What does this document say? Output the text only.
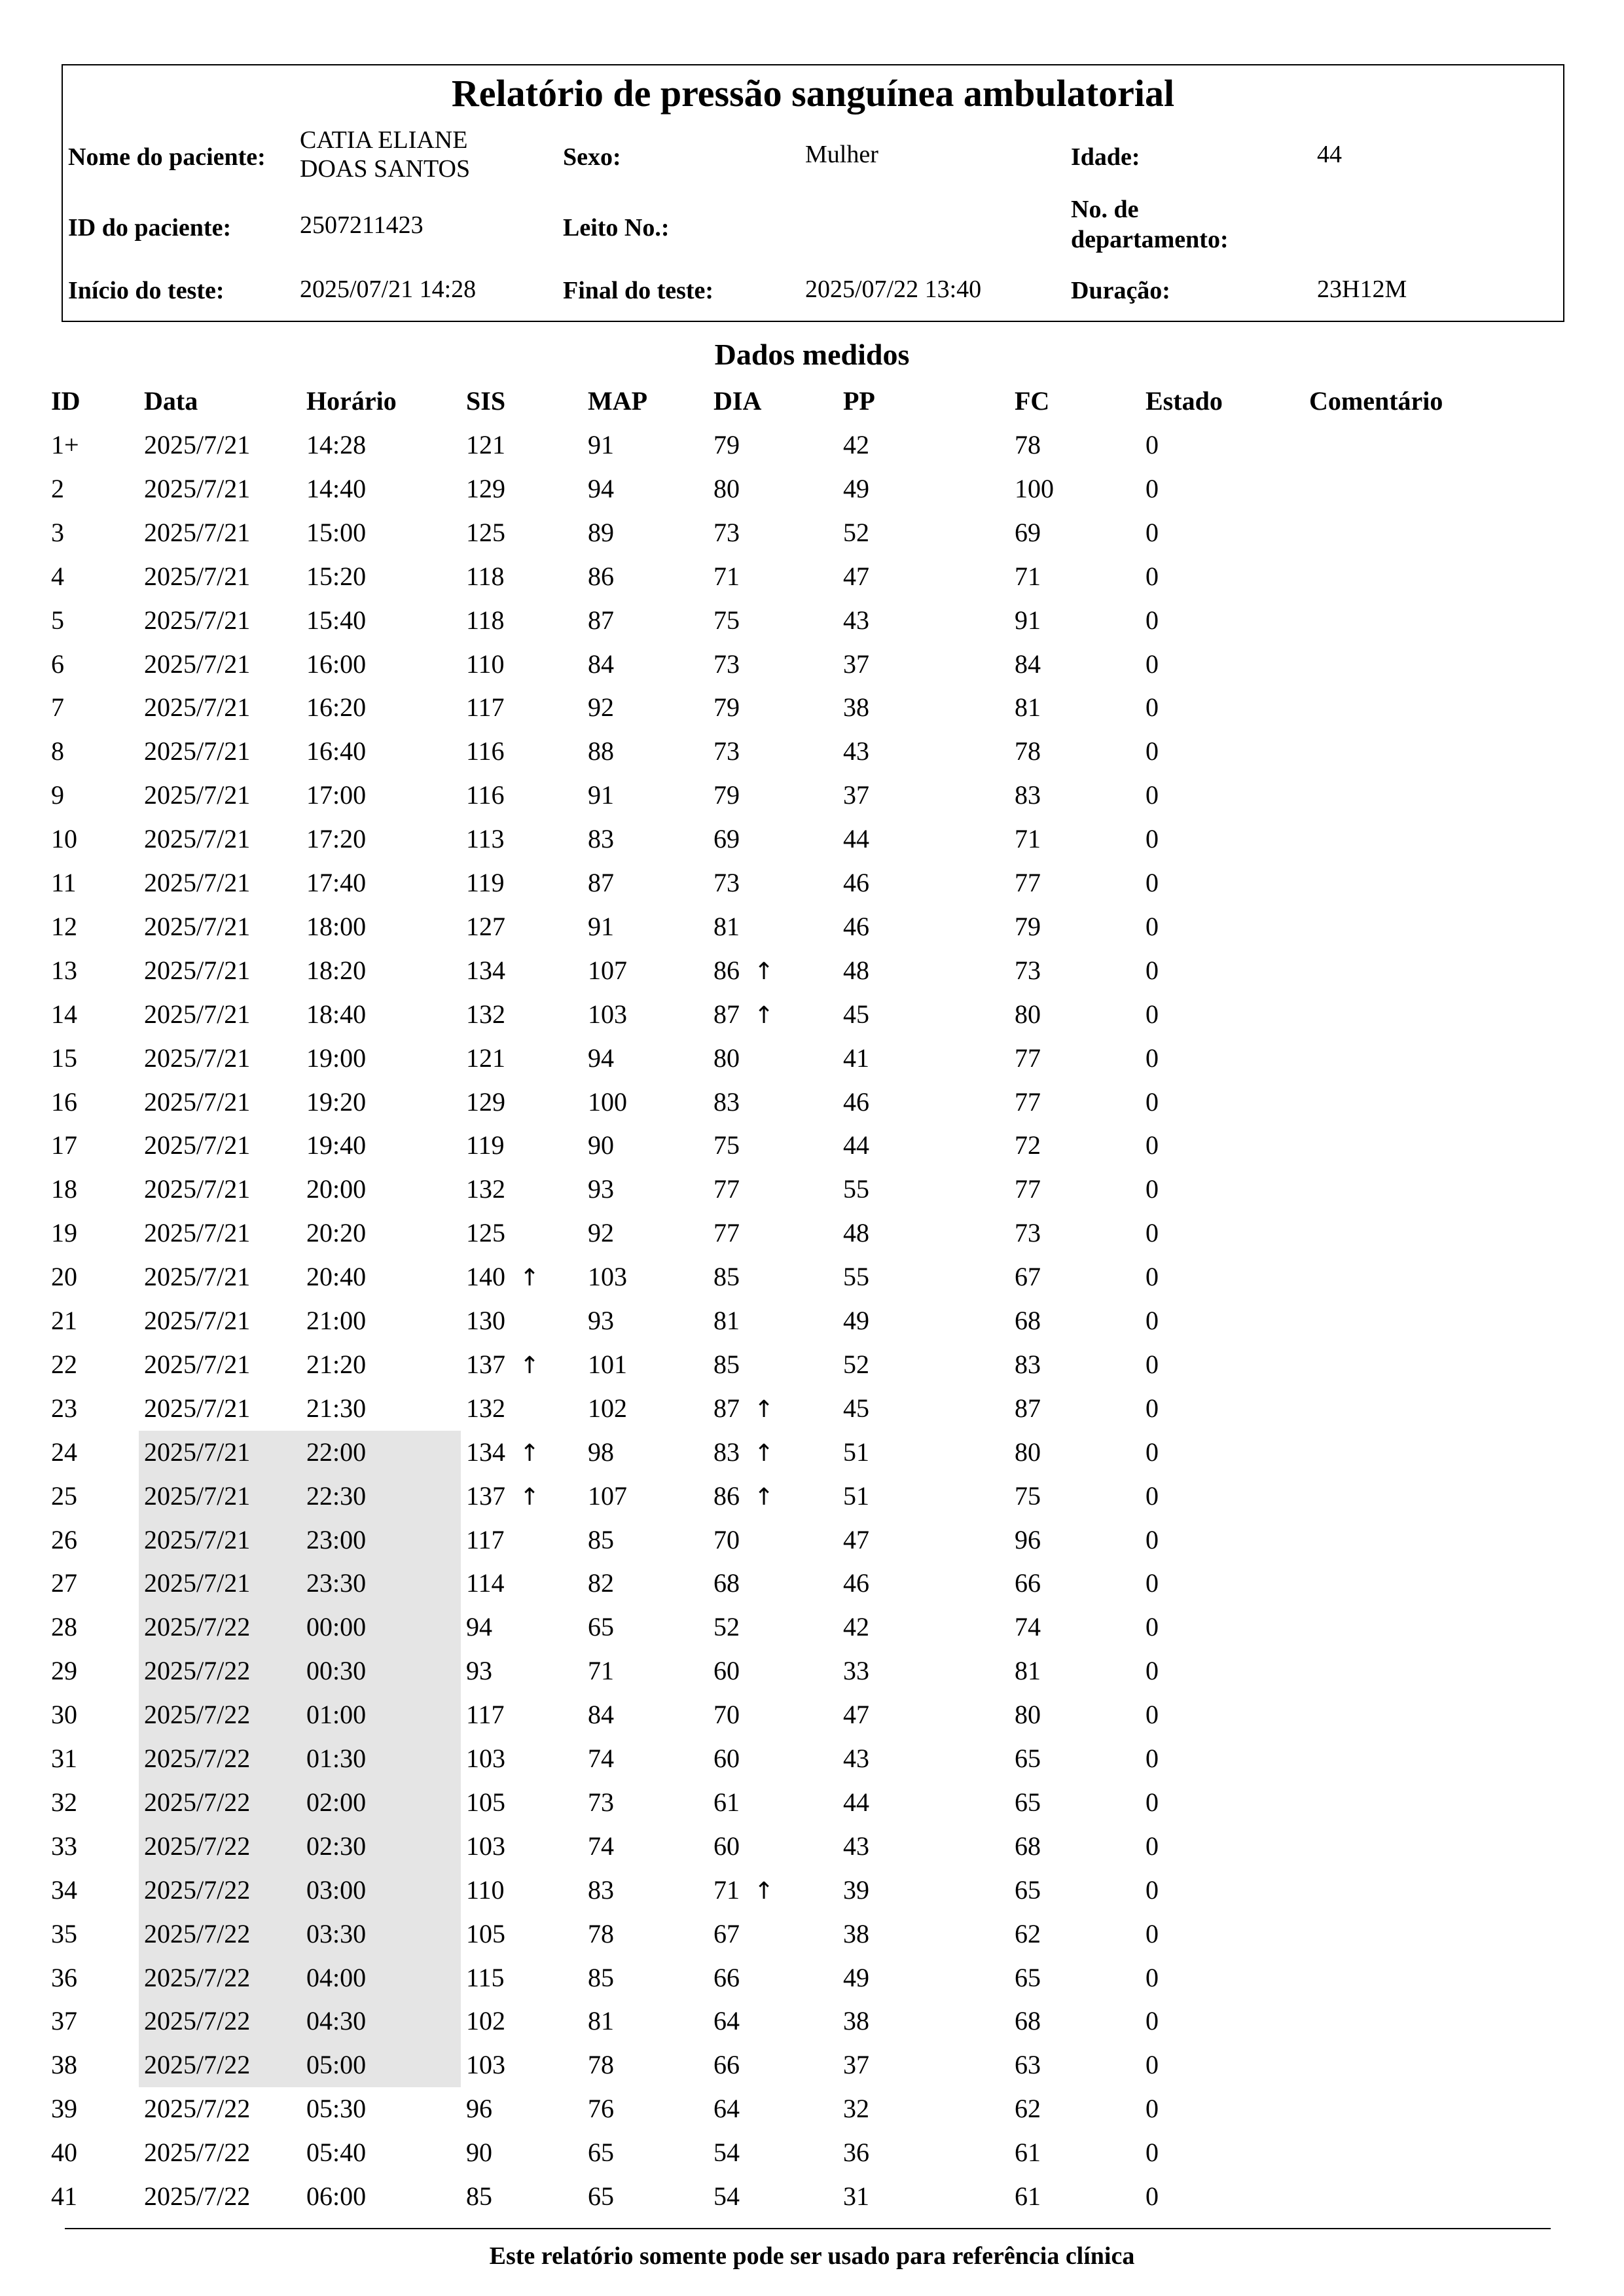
Relatório de pressão sanguínea ambulatorial
Nome do paciente:
CATIA ELIANE
DOAS SANTOS	Sexo:	Mulher	Idade:	44
ID do paciente:	2507211423	Leito No.:
No. de
departamento:
Início do teste:	2025/07/21 14:28	Final do teste:	2025/07/22 13:40	Duração:	23H12M
Dados medidos
ID Data	Horário	SIS	MAP	DIA	PP	FC	Estado	Comentário
1+ 2025/7/21 14:28	121	91	79	42	78	0
2	2025/7/21 14:40	129	94	80	49	100	0
3	2025/7/21 15:00	125	89	73	52	69	0
4	2025/7/21 15:20	118	86	71	47	71	0
5	2025/7/21 15:40	118	87	75	43	91	0
6	2025/7/21 16:00	110	84	73	37	84	0
7	2025/7/21 16:20	117	92	79	38	81	0
8	2025/7/21 16:40	116	88	73	43	78	0
9	2025/7/21 17:00	116	91	79	37	83	0
10	2025/7/21 17:20	113	83	69	44	71	0
11	2025/7/21 17:40	119	87	73	46	77	0
12	2025/7/21 18:00	127	91	81	46	79	0
13	2025/7/21 18:20	134	107	86 ↑	48	73	0
14	2025/7/21 18:40	132	103	87 ↑	45	80	0
15	2025/7/21 19:00	121	94	80	41	77	0
16	2025/7/21 19:20	129	100	83	46	77	0
17	2025/7/21 19:40	119	90	75	44	72	0
18	2025/7/21 20:00	132	93	77	55	77	0
19	2025/7/21 20:20	125	92	77	48	73	0
20	2025/7/21 20:40	140 ↑ 103	85	55	67	0
21	2025/7/21 21:00	130	93	81	49	68	0
22	2025/7/21 21:20	137 ↑ 101	85	52	83	0
23	2025/7/21 21:30	132	102	87 ↑	45	87	0
24	2025/7/21 22:00	134 ↑ 98	83 ↑	51	80	0
25	2025/7/21 22:30	137 ↑ 107	86 ↑	51	75	0
26	2025/7/21 23:00	117	85	70	47	96	0
27	2025/7/21 23:30	114	82	68	46	66	0
28	2025/7/22 00:00	94	65	52	42	74	0
29	2025/7/22 00:30	93	71	60	33	81	0
30	2025/7/22 01:00	117	84	70	47	80	0
31	2025/7/22 01:30	103	74	60	43	65	0
32	2025/7/22 02:00	105	73	61	44	65	0
33	2025/7/22 02:30	103	74	60	43	68	0
34	2025/7/22 03:00	110	83	71 ↑	39	65	0
35	2025/7/22 03:30	105	78	67	38	62	0
36	2025/7/22 04:00	115	85	66	49	65	0
37	2025/7/22 04:30	102	81	64	38	68	0
38	2025/7/22 05:00	103	78	66	37	63	0
39	2025/7/22 05:30	96	76	64	32	62	0
40	2025/7/22 05:40	90	65	54	36	61	0
41	2025/7/22 06:00	85	65	54	31	61	0
Este relatório somente pode ser usado para referência clínica
